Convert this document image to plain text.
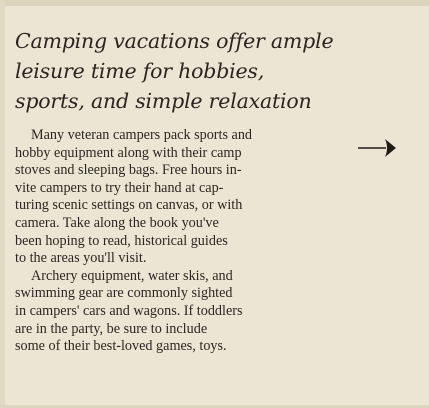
Camping vacations offer ample
leisure time for hobbies,
sports, and simple relaxation
Many veteran campers pack sports and
hobby equipment along with their camp
stoves and sleeping bags. Free hours in-
vite campers to try their hand at cap-
turing scenic settings on canvas, or with
camera. Take along the book you've
been hoping to read, historical guides
to the areas you'll visit.
Archery equipment, water skis, and
swimming gear are commonly sighted
in campers' cars and wagons. If toddlers
are in the party, be sure to include
some of their best-loved games, toys.
